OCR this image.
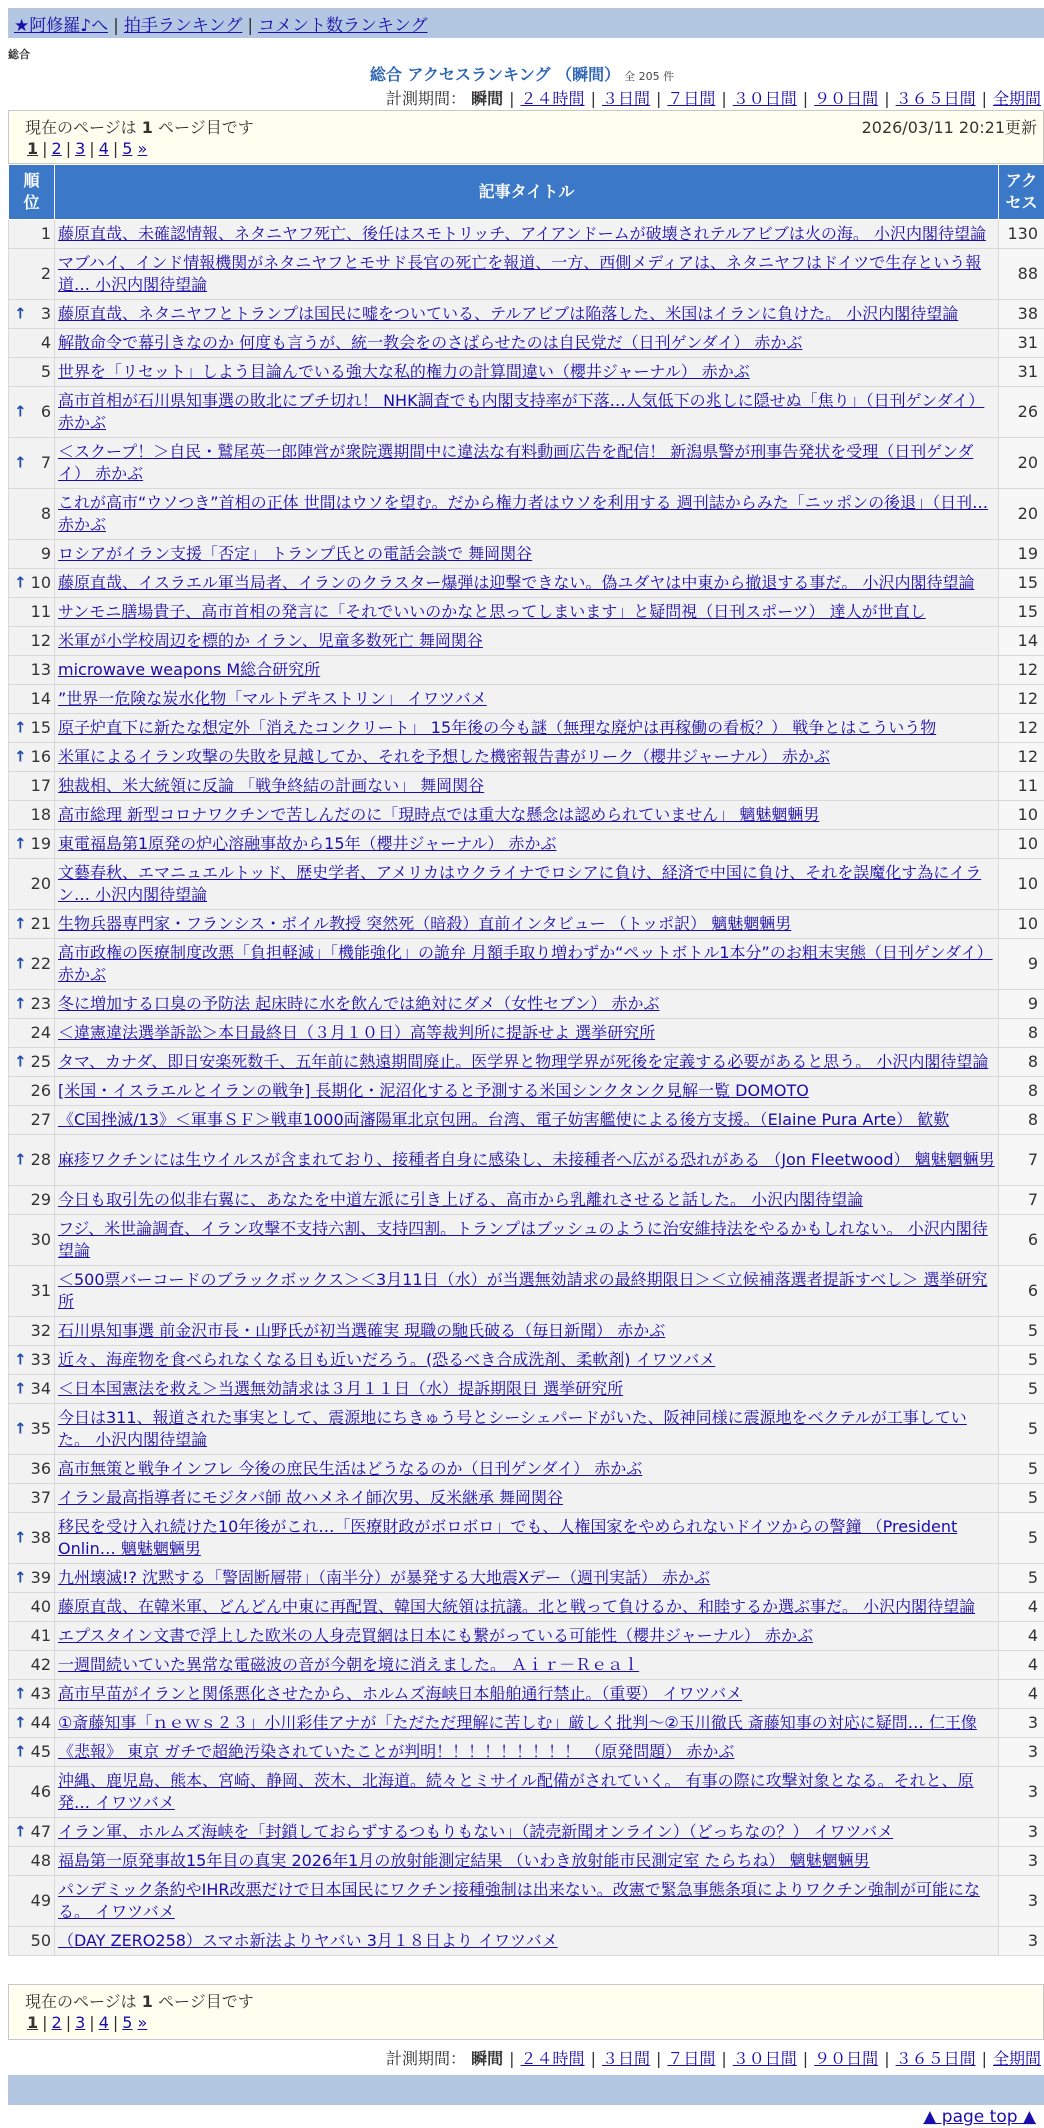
★阿修羅♪へ | 拍手ランキング | コメント数ランキング
総合
総合 アクセスランキング （瞬間） 全 205 件
計測期間： 瞬間 | ２４時間 | ３日間 | ７日間 | ３０日間 | ９０日間 | ３６５日間 | 全期間
現在のページは 1 ページ目です	2026/03/11 20:21更新
1 | 2 | 3 | 4 | 5 »
順位	記事タイトル	アクセス
1	藤原直哉、未確認情報、ネタニヤフ死亡、後任はスモトリッチ、アイアンドームが破壊されテルアビブは火の海。 小沢内閣待望論	130
2	マブハイ、インド情報機関がネタニヤフとモサド長官の死亡を報道、一方、西側メディアは、ネタニヤフはドイツで生存という報道… 小沢内閣待望論	88

↑ 3	藤原直哉、ネタニヤフとトランプは国民に嘘をついている、テルアビブは陥落した、米国はイランに負けた。 小沢内閣待望論	38
4	解散命令で幕引きなのか 何度も言うが、統一教会をのさばらせたのは自民党だ（日刊ゲンダイ） 赤かぶ	31
5	世界を「リセット」しよう目論んでいる強大な私的権力の計算間違い（櫻井ジャーナル） 赤かぶ	31

↑ 6	高市首相が石川県知事選の敗北にブチ切れ！ NHK調査でも内閣支持率が下落…人気低下の兆しに隠せぬ「焦り」（日刊ゲンダイ） 赤かぶ	26

↑ 7	＜スクープ！＞自民・鷲尾英一郎陣営が衆院選期間中に違法な有料動画広告を配信！ 新潟県警が刑事告発状を受理（日刊ゲンダイ） 赤かぶ	20
8	これが高市“ウソつき”首相の正体 世間はウソを望む。だから権力者はウソを利用する 週刊誌からみた「ニッポンの後退」（日刊… 赤かぶ	20
9	ロシアがイラン支援「否定」 トランプ氏との電話会談で 舞岡関谷	19

↑ 10	藤原直哉、イスラエル軍当局者、イランのクラスター爆弾は迎撃できない。偽ユダヤは中東から撤退する事だ。 小沢内閣待望論	15
11	サンモニ膳場貴子、高市首相の発言に「それでいいのかなと思ってしまいます」と疑問視（日刊スポーツ） 達人が世直し	15
12	米軍が小学校周辺を標的か イラン、児童多数死亡 舞岡関谷	14
13	microwave weapons M総合研究所	12
14	”世界一危険な炭水化物「マルトデキストリン」 イワツバメ	12

↑ 15	原子炉直下に新たな想定外「消えたコンクリート」 15年後の今も謎（無理な廃炉は再稼働の看板？） 戦争とはこういう物	12

↑ 16	米軍によるイラン攻撃の失敗を見越してか、それを予想した機密報告書がリーク（櫻井ジャーナル） 赤かぶ	12
17	独裁相、米大統領に反論 「戦争終結の計画ない」 舞岡関谷	11
18	高市総理 新型コロナワクチンで苦しんだのに「現時点では重大な懸念は認められていません」 魑魅魍魎男	10

↑ 19	東電福島第1原発の炉心溶融事故から15年（櫻井ジャーナル） 赤かぶ	10
20	文藝春秋、エマニュエルトッド、歴史学者、アメリカはウクライナでロシアに負け、経済で中国に負け、それを誤魔化す為にイラン… 小沢内閣待望論	10

↑ 21	生物兵器専門家・フランシス・ボイル教授 突然死（暗殺）直前インタビュー （トッポ訳） 魑魅魍魎男	10

↑ 22	高市政権の医療制度改悪「負担軽減」「機能強化」の詭弁 月額手取り増わずか“ペットボトル1本分”のお粗末実態（日刊ゲンダイ） 赤かぶ	9

↑ 23	冬に増加する口臭の予防法 起床時に水を飲んでは絶対にダメ（女性セブン） 赤かぶ	9
24	＜違憲違法選挙訴訟＞本日最終日（３月１０日）高等裁判所に提訴せよ 選挙研究所	8

↑ 25	タマ、カナダ、即日安楽死数千、五年前に熱遠期間廃止。医学界と物理学界が死後を定義する必要があると思う。 小沢内閣待望論	8
26	[米国・イスラエルとイランの戦争] 長期化・泥沼化すると予測する米国シンクタンク見解一覧 DOMOTO	8
27	《C国挫滅/13》＜軍事ＳＦ＞戦車1000両瀋陽軍北京包囲。台湾、電子妨害艦使による後方支援。（Elaine Pura Arte） 歓歎	8

↑ 28	麻疹ワクチンには生ウイルスが含まれており、接種者自身に感染し、未接種者へ広がる恐れがある （Jon Fleetwood） 魑魅魍魎男	7
29	今日も取引先の似非右翼に、あなたを中道左派に引き上げる、高市から乳離れさせると話した。 小沢内閣待望論	7
30	フジ、米世論調査、イラン攻撃不支持六割、支持四割。トランプはブッシュのように治安維持法をやるかもしれない。 小沢内閣待望論	6
31	＜500票バーコードのブラックボックス＞＜3月11日（水）が当選無効請求の最終期限日＞＜立候補落選者提訴すべし＞ 選挙研究所	6
32	石川県知事選 前金沢市長・山野氏が初当選確実 現職の馳氏破る（毎日新聞） 赤かぶ	5

↑ 33	近々、海産物を食べられなくなる日も近いだろう。(恐るべき合成洗剤、柔軟剤) イワツバメ	5

↑ 34	＜日本国憲法を救え＞当選無効請求は３月１１日（水）提訴期限日 選挙研究所	5

↑ 35	今日は311、報道された事実として、震源地にちきゅう号とシーシェパードがいた、阪神同様に震源地をベクテルが工事していた。 小沢内閣待望論	5
36	高市無策と戦争インフレ 今後の庶民生活はどうなるのか（日刊ゲンダイ） 赤かぶ	5
37	イラン最高指導者にモジタバ師 故ハメネイ師次男、反米継承 舞岡関谷	5

↑ 38	移民を受け入れ続けた10年後がこれ…「医療財政がボロボロ」でも、人権国家をやめられないドイツからの警鐘 （President Onlin… 魑魅魍魎男	5

↑ 39	九州壊滅!? 沈黙する「警固断層帯」（南半分）が暴発する大地震Xデー（週刊実話） 赤かぶ	5
40	藤原直哉、在韓米軍、どんどん中東に再配置、韓国大統領は抗議。北と戦って負けるか、和睦するか選ぶ事だ。 小沢内閣待望論	4
41	エプスタイン文書で浮上した欧米の人身売買網は日本にも繋がっている可能性（櫻井ジャーナル） 赤かぶ	4
42	一週間続いていた異常な電磁波の音が今朝を境に消えました。 Ａｉｒ－Ｒｅａｌ	4

↑ 43	高市早苗がイランと関係悪化させたから、ホルムズ海峡日本船舶通行禁止。（重要） イワツバメ	4

↑ 44	①斎藤知事「ｎｅｗｓ２３」小川彩佳アナが「ただただ理解に苦しむ」厳しく批判～②玉川徹氏 斎藤知事の対応に疑問… 仁王像	3

↑ 45	《悲報》 東京 ガチで超絶汚染されていたことが判明！！！！！！！！！ （原発問題） 赤かぶ	3
46	沖縄、鹿児島、熊本、宮崎、静岡、茨木、北海道。続々とミサイル配備がされていく。 有事の際に攻撃対象となる。それと、原発… イワツバメ	3

↑ 47	イラン軍、ホルムズ海峡を「封鎖しておらずするつもりもない」（読売新聞オンライン）（どっちなの？） イワツバメ	3
48	福島第一原発事故15年目の真実 2026年1月の放射能測定結果 （いわき放射能市民測定室 たらちね） 魑魅魍魎男	3
49	パンデミック条約やIHR改悪だけで日本国民にワクチン接種強制は出来ない。改憲で緊急事態条項によりワクチン強制が可能になる。 イワツバメ	3
50	（DAY ZERO258）スマホ新法よりヤバい 3月１８日より イワツバメ	3
現在のページは 1 ページ目です
1 | 2 | 3 | 4 | 5 »
計測期間： 瞬間 | ２４時間 | ３日間 | ７日間 | ３０日間 | ９０日間 | ３６５日間 | 全期間
▲ page top ▲
